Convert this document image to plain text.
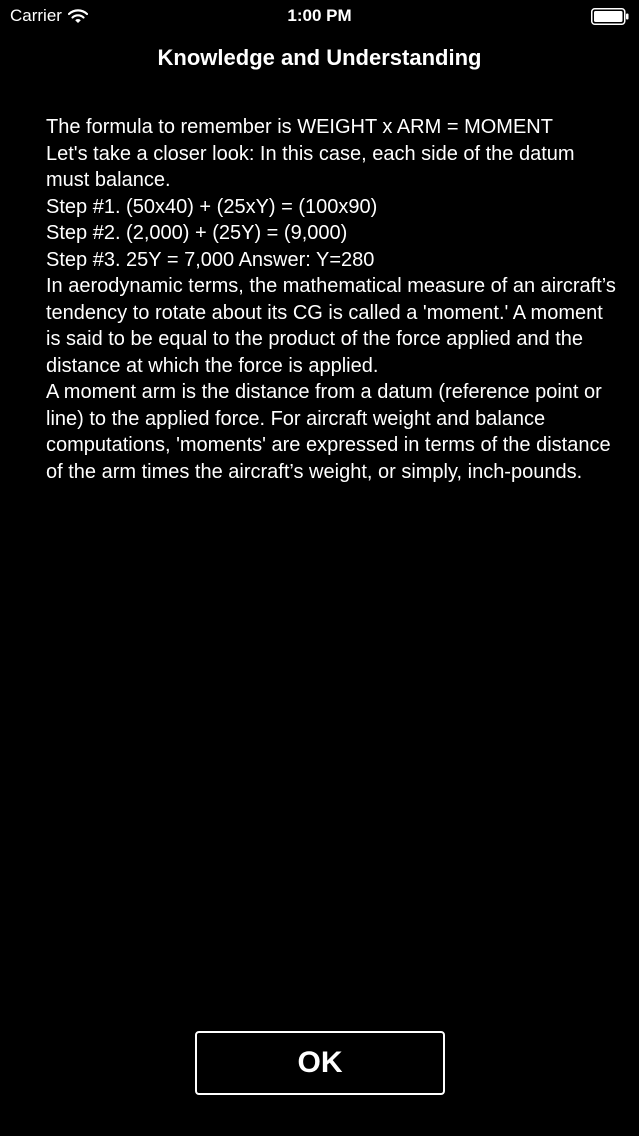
Carrier	1:00 PM
Knowledge and Understanding

The formula to remember is WEIGHT x ARM = MOMENT

Let's take a closer look: In this case, each side of the datum must balance.

Step #1. (50x40) + (25xY) = (100x90)

Step #2. (2,000) + (25Y) = (9,000)

Step #3. 25Y = 7,000 Answer: Y=280

In aerodynamic terms, the mathematical measure of an aircraft’s tendency to rotate about its CG is called a 'moment.' A moment is said to be equal to the product of the force applied and the distance at which the force is applied.

A moment arm is the distance from a datum (reference point or line) to the applied force. For aircraft weight and balance computations, 'moments' are expressed in terms of the distance of the arm times the aircraft’s weight, or simply, inch-pounds.

OK
